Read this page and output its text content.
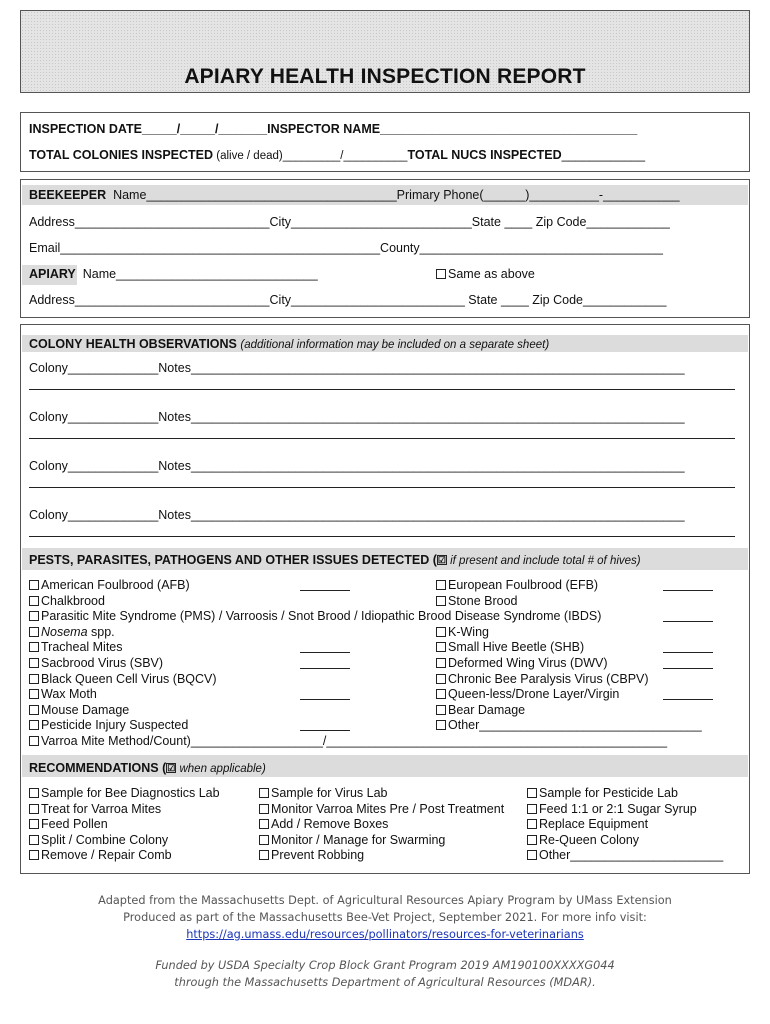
APIARY HEALTH INSPECTION REPORT
INSPECTION DATE_____/_____/_______INSPECTOR NAME_____________________________________
TOTAL COLONIES INSPECTED (alive / dead)_________/__________TOTAL NUCS INSPECTED____________
BEEKEEPER Name____________________________________Primary Phone(______)__________-___________
Address____________________________City__________________________State ____ Zip Code____________
Email______________________________________________County___________________________________
APIARY Name_____________________________	Same as above
Address____________________________City_________________________ State ____ Zip Code____________
COLONY HEALTH OBSERVATIONS (additional information may be included on a separate sheet)
Colony_____________Notes_______________________________________________________________________
Colony_____________Notes_______________________________________________________________________
Colony_____________Notes_______________________________________________________________________
Colony_____________Notes_______________________________________________________________________
PESTS, PARASITES, PATHOGENS AND OTHER ISSUES DETECTED (☑ if present and include total # of hives)
American Foulbrood (AFB)
Chalkbrood
Parasitic Mite Syndrome (PMS) / Varroosis / Snot Brood / Idiopathic Brood Disease Syndrome (IBDS)
Nosema spp.
Tracheal Mites
Sacbrood Virus (SBV)
Black Queen Cell Virus (BQCV)
Wax Moth
Mouse Damage
Pesticide Injury Suspected
Varroa Mite Method/Count)___________________/_________________________________________________
European Foulbrood (EFB)
Stone Brood
K-Wing
Small Hive Beetle (SHB)
Deformed Wing Virus (DWV)
Chronic Bee Paralysis Virus (CBPV)
Queen-less/Drone Layer/Virgin
Bear Damage
Other________________________________
RECOMMENDATIONS (☑ when applicable)
Sample for Bee Diagnostics Lab
Treat for Varroa Mites
Feed Pollen
Split / Combine Colony
Remove / Repair Comb
Sample for Virus Lab
Monitor Varroa Mites Pre / Post Treatment
Add / Remove Boxes
Monitor / Manage for Swarming
Prevent Robbing
Sample for Pesticide Lab
Feed 1:1 or 2:1 Sugar Syrup
Replace Equipment
Re-Queen Colony
Other______________________
Adapted from the Massachusetts Dept. of Agricultural Resources Apiary Program by UMass Extension
Produced as part of the Massachusetts Bee-Vet Project, September 2021. For more info visit:
https://ag.umass.edu/resources/pollinators/resources-for-veterinarians
Funded by USDA Specialty Crop Block Grant Program 2019 AM190100XXXXG044
through the Massachusetts Department of Agricultural Resources (MDAR).
